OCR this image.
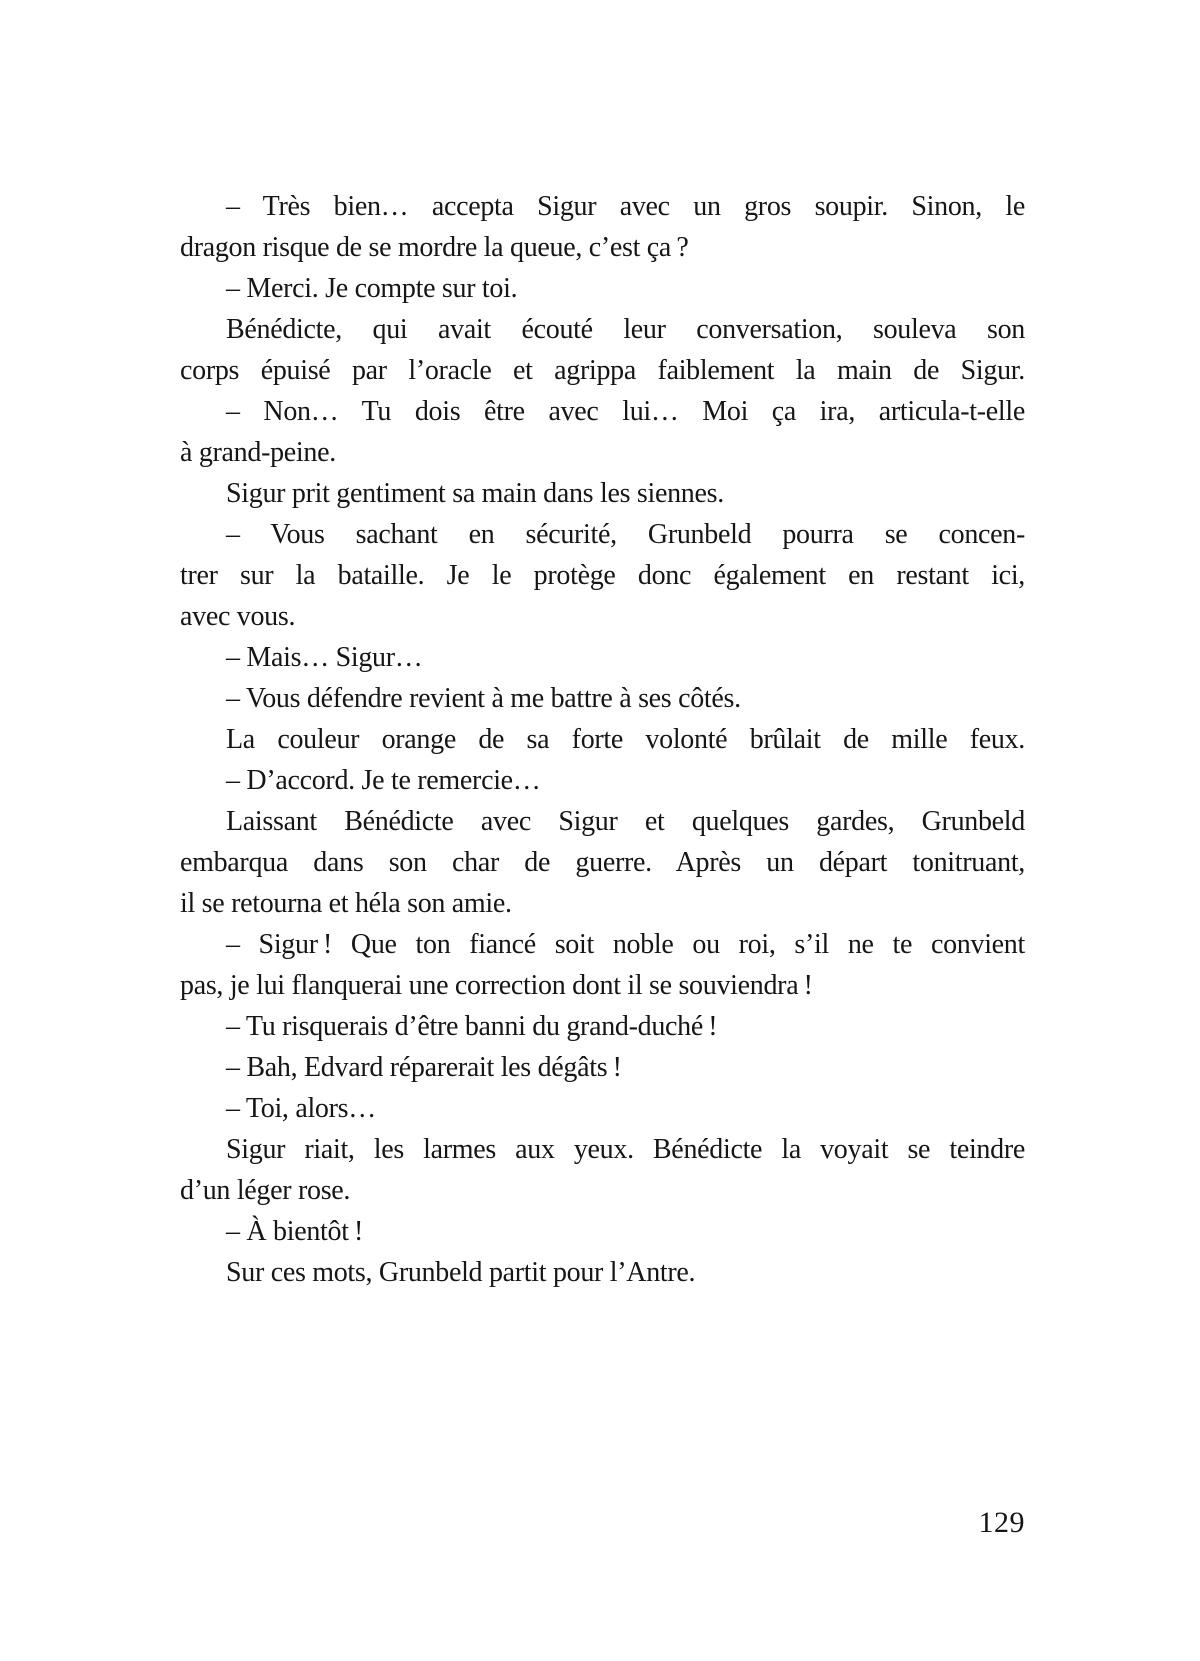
– Très bien… accepta Sigur avec un gros soupir. Sinon, le
dragon risque de se mordre la queue, c’est ça ?
– Merci. Je compte sur toi.
Bénédicte, qui avait écouté leur conversation, souleva son
corps épuisé par l’oracle et agrippa faiblement la main de Sigur.
– Non… Tu dois être avec lui… Moi ça ira, articula-t-elle
à grand-peine.
Sigur prit gentiment sa main dans les siennes.
– Vous sachant en sécurité, Grunbeld pourra se concen-
trer sur la bataille. Je le protège donc également en restant ici,
avec vous.
– Mais… Sigur…
– Vous défendre revient à me battre à ses côtés.
La couleur orange de sa forte volonté brûlait de mille feux.
– D’accord. Je te remercie…
Laissant Bénédicte avec Sigur et quelques gardes, Grunbeld
embarqua dans son char de guerre. Après un départ tonitruant,
il se retourna et héla son amie.
– Sigur ! Que ton fiancé soit noble ou roi, s’il ne te convient
pas, je lui flanquerai une correction dont il se souviendra !
– Tu risquerais d’être banni du grand-duché !
– Bah, Edvard réparerait les dégâts !
– Toi, alors…
Sigur riait, les larmes aux yeux. Bénédicte la voyait se teindre
d’un léger rose.
– À bientôt !
Sur ces mots, Grunbeld partit pour l’Antre.
129
